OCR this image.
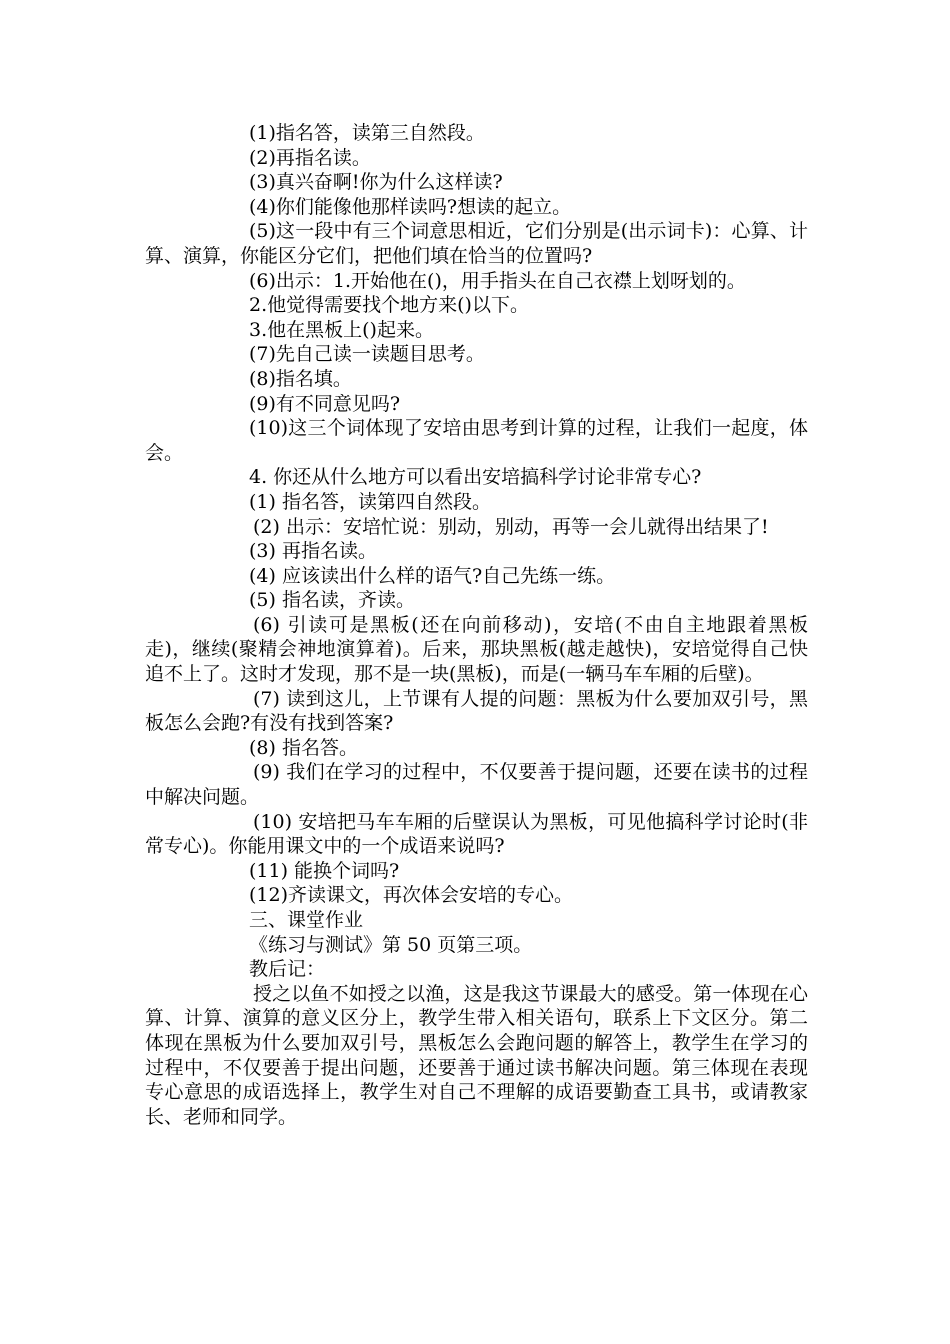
(1)指名答，读第三自然段。

(2)再指名读。

(3)真兴奋啊!你为什么这样读?

(4)你们能像他那样读吗?想读的起立。

(5)这一段中有三个词意思相近，它们分别是(出示词卡)：心算、计算、演算，你能区分它们，把他们填在恰当的位置吗?

(6)出示：1.开始他在()，用手指头在自己衣襟上划呀划的。

2.他觉得需要找个地方来()以下。

3.他在黑板上()起来。

(7)先自己读一读题目思考。

(8)指名填。

(9)有不同意见吗?

(10)这三个词体现了安培由思考到计算的过程，让我们一起度，体会。

4. 你还从什么地方可以看出安培搞科学讨论非常专心?

(1) 指名答，读第四自然段。

(2) 出示：安培忙说：别动，别动，再等一会儿就得出结果了!

(3) 再指名读。

(4) 应该读出什么样的语气?自己先练一练。

(5) 指名读，齐读。

(6) 引读可是黑板(还在向前移动)，安培(不由自主地跟着黑板走)，继续(聚精会神地演算着)。后来，那块黑板(越走越快)，安培觉得自己快追不上了。这时才发现，那不是一块(黑板)，而是(一辆马车车厢的后壁)。

(7) 读到这儿，上节课有人提的问题：黑板为什么要加双引号，黑板怎么会跑?有没有找到答案?

(8) 指名答。

(9) 我们在学习的过程中，不仅要善于提问题，还要在读书的过程中解决问题。

(10) 安培把马车车厢的后壁误认为黑板，可见他搞科学讨论时(非常专心)。你能用课文中的一个成语来说吗?

(11) 能换个词吗?

(12)齐读课文，再次体会安培的专心。

三、课堂作业

《练习与测试》第 50 页第三项。

教后记：

授之以鱼不如授之以渔，这是我这节课最大的感受。第一体现在心算、计算、演算的意义区分上，教学生带入相关语句，联系上下文区分。第二体现在黑板为什么要加双引号，黑板怎么会跑问题的解答上，教学生在学习的过程中，不仅要善于提出问题，还要善于通过读书解决问题。第三体现在表现专心意思的成语选择上，教学生对自己不理解的成语要勤查工具书，或请教家长、老师和同学。
